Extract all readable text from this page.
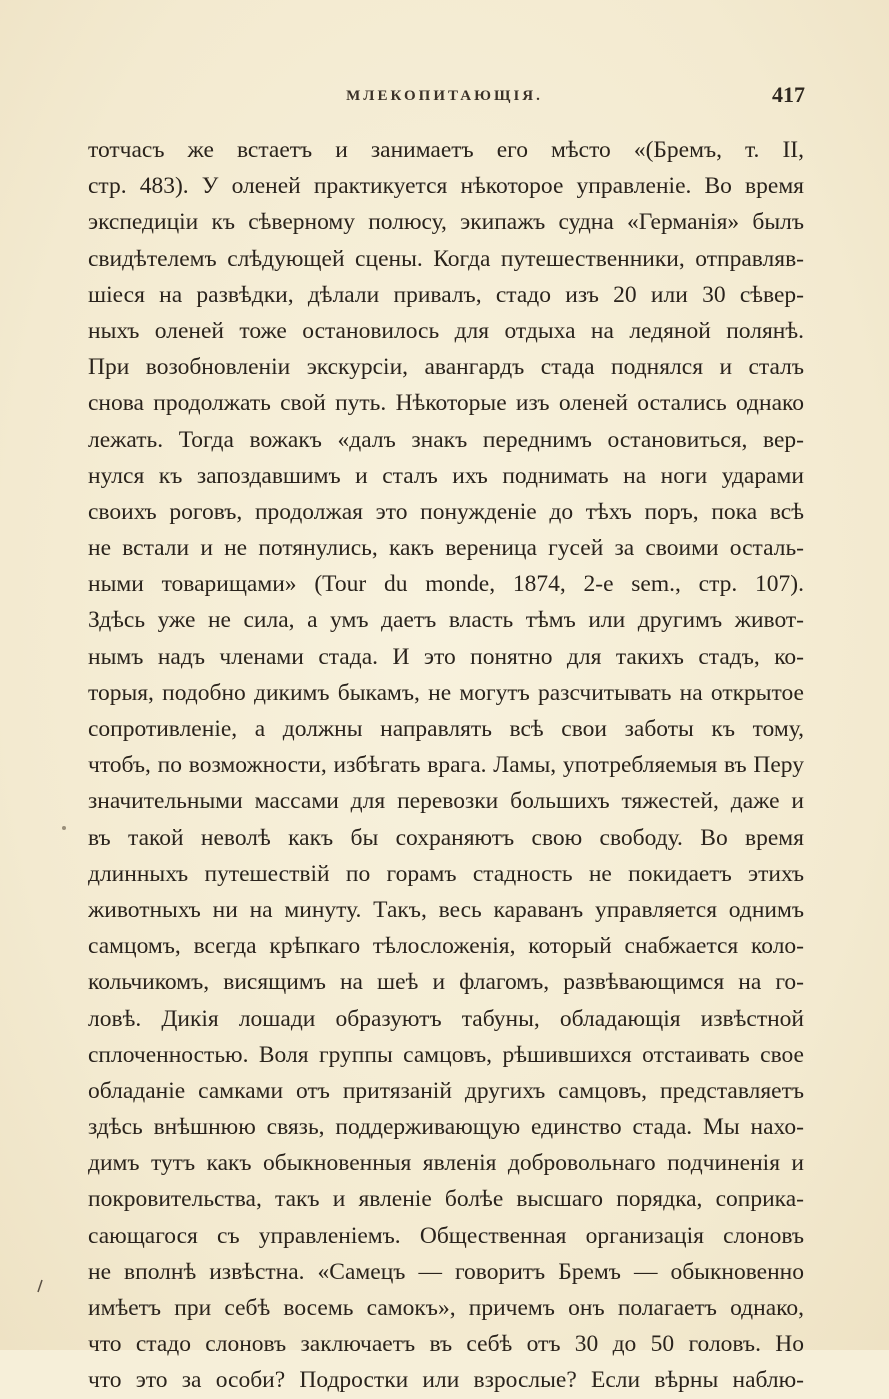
МЛЕКОПИТАЮЩIЯ.	417
тотчасъ же встаетъ и занимаетъ его мѣсто «(Бремъ, т. II,
стр. 483). У оленей практикуется нѣкоторое управленiе. Во время
экспедицiи къ сѣверному полюсу, экипажъ судна «Германiя» былъ
свидѣтелемъ слѣдующей сцены. Когда путешественники, отправляв-
шiеся на развѣдки, дѣлали привалъ, стадо изъ 20 или 30 сѣвер-
ныхъ оленей тоже остановилось для отдыха на ледяной полянѣ.
При возобновленiи экскурсiи, авангардъ стада поднялся и сталъ
снова продолжать свой путь. Нѣкоторые изъ оленей остались однако
лежать. Тогда вожакъ «далъ знакъ переднимъ остановиться, вер-
нулся къ запоздавшимъ и сталъ ихъ поднимать на ноги ударами
своихъ роговъ, продолжая это понужденiе до тѣхъ поръ, пока всѣ
не встали и не потянулись, какъ вереница гусей за своими осталь-
ными товарищами» (Tour du monde, 1874, 2-е sem., стр. 107).
Здѣсь уже не сила, а умъ даетъ власть тѣмъ или другимъ живот-
нымъ надъ членами стада. И это понятно для такихъ стадъ, ко-
торыя, подобно дикимъ быкамъ, не могутъ разсчитывать на открытое
сопротивленiе, а должны направлять всѣ свои заботы къ тому,
чтобъ, по возможности, избѣгать врага. Ламы, употребляемыя въ Перу
значительными массами для перевозки большихъ тяжестей, даже и
въ такой неволѣ какъ бы сохраняютъ свою свободу. Во время
длинныхъ путешествiй по горамъ стадность не покидаетъ этихъ
животныхъ ни на минуту. Такъ, весь караванъ управляется однимъ
самцомъ, всегда крѣпкаго тѣлосложенiя, который снабжается коло-
кольчикомъ, висящимъ на шеѣ и флагомъ, развѣвающимся на го-
ловѣ. Дикiя лошади образуютъ табуны, обладающiя извѣстной
сплоченностью. Воля группы самцовъ, рѣшившихся отстаивать свое
обладанiе самками отъ притязанiй другихъ самцовъ, представляетъ
здѣсь внѣшнюю связь, поддерживающую единство стада. Мы нахо-
димъ тутъ какъ обыкновенныя явленiя добровольнаго подчиненiя и
покровительства, такъ и явленiе болѣе высшаго порядка, соприка-
сающагося съ управленiемъ. Общественная организацiя слоновъ
не вполнѣ извѣстна. «Самецъ — говоритъ Бремъ — обыкновенно
имѣетъ при себѣ восемь самокъ», причемъ онъ полагаетъ однако,
что стадо слоновъ заключаетъ въ себѣ отъ 30 до 50 головъ. Но
что это за особи? Подростки или взрослые? Если вѣрны наблю-
